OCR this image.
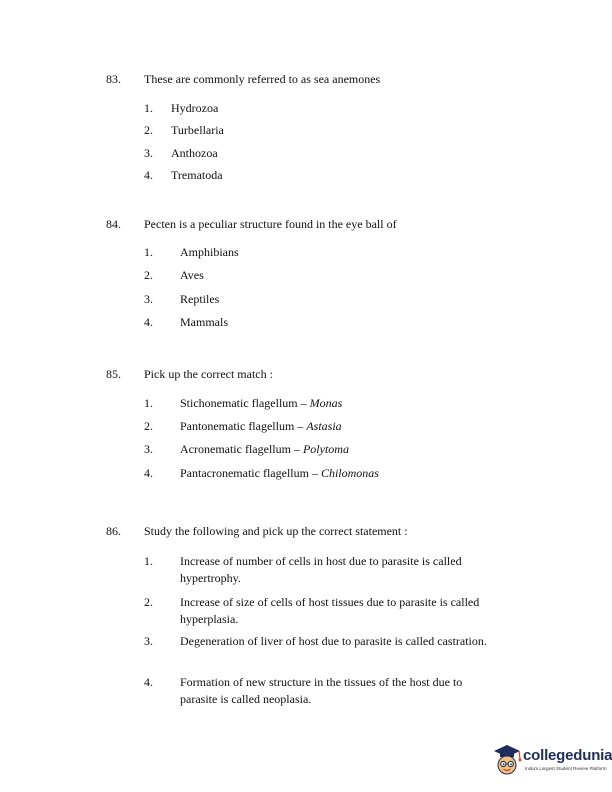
83. These are commonly referred to as sea anemones
1. Hydrozoa
2. Turbellaria
3. Anthozoa
4. Trematoda
84. Pecten is a peculiar structure found in the eye ball of
1. Amphibians
2. Aves
3. Reptiles
4. Mammals
85. Pick up the correct match :
1. Stichonematic flagellum – Monas
2. Pantonematic flagellum – Astasia
3. Acronematic flagellum – Polytoma
4. Pantacronematic flagellum – Chilomonas
86. Study the following and pick up the correct statement :
1. Increase of number of cells in host due to parasite is called hypertrophy.
2. Increase of size of cells of host tissues due to parasite is called hyperplasia.
3. Degeneration of liver of host due to parasite is called castration.
4. Formation of new structure in the tissues of the host due to parasite is called neoplasia.
collegedunia
India's Largest Student Review Platform
